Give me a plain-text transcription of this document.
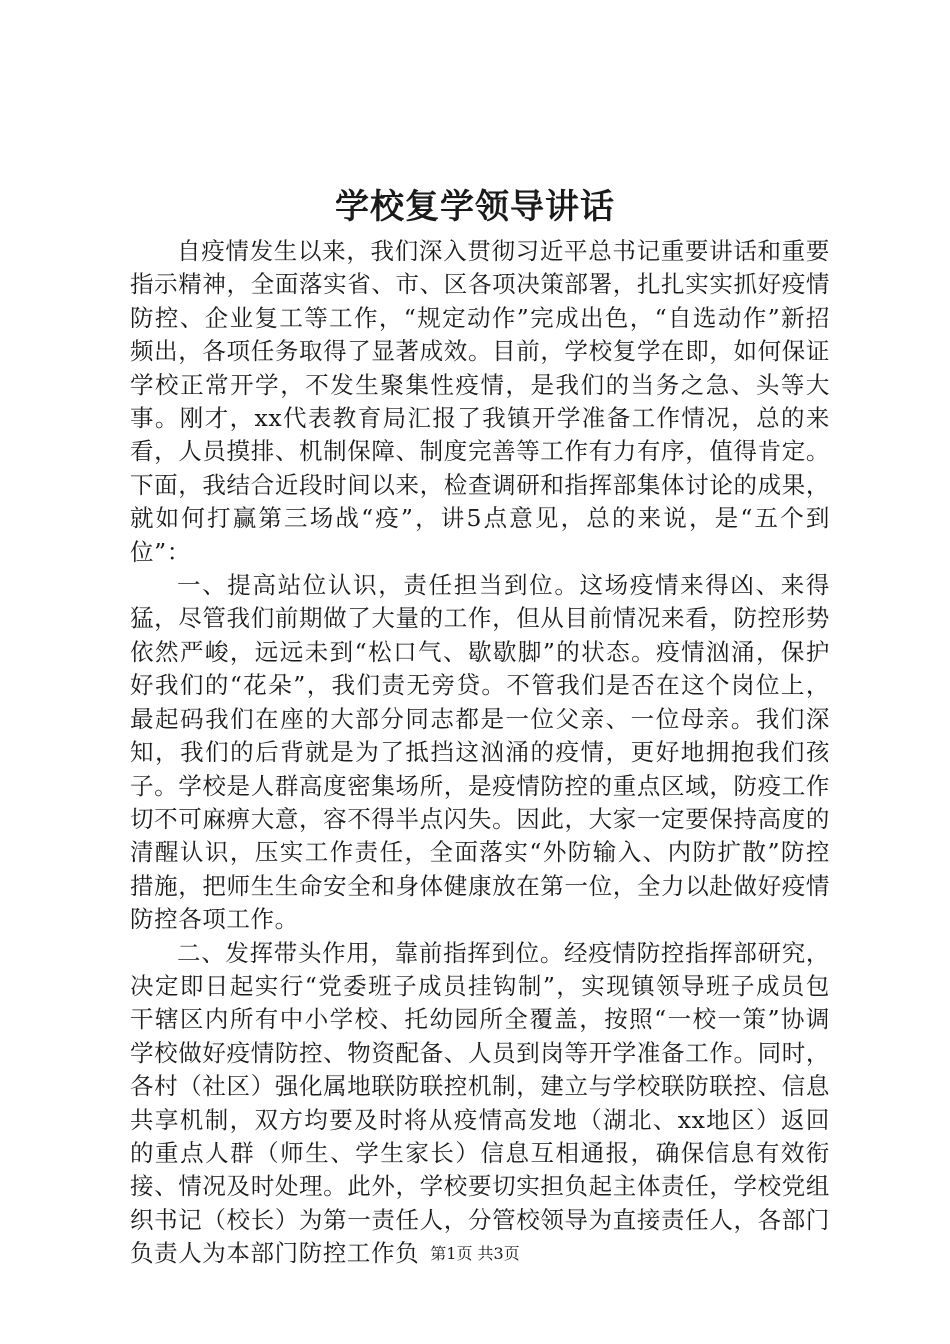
学校复学领导讲话

自疫情发生以来，我们深入贯彻习近平总书记重要讲话和重要指示精神，全面落实省、市、区各项决策部署，扎扎实实抓好疫情防控、企业复工等工作，“规定动作”完成出色，“自选动作”新招频出，各项任务取得了显著成效。目前，学校复学在即，如何保证学校正常开学，不发生聚集性疫情，是我们的当务之急、头等大事。刚才，xx代表教育局汇报了我镇开学准备工作情况，总的来看，人员摸排、机制保障、制度完善等工作有力有序，值得肯定。下面，我结合近段时间以来，检查调研和指挥部集体讨论的成果，就如何打赢第三场战“疫”，讲5点意见，总的来说，是“五个到位”：

一、提高站位认识，责任担当到位。这场疫情来得凶、来得猛，尽管我们前期做了大量的工作，但从目前情况来看，防控形势依然严峻，远远未到“松口气、歇歇脚”的状态。疫情汹涌，保护好我们的“花朵”，我们责无旁贷。不管我们是否在这个岗位上，最起码我们在座的大部分同志都是一位父亲、一位母亲。我们深知，我们的后背就是为了抵挡这汹涌的疫情，更好地拥抱我们孩子。学校是人群高度密集场所，是疫情防控的重点区域，防疫工作切不可麻痹大意，容不得半点闪失。因此，大家一定要保持高度的清醒认识，压实工作责任，全面落实“外防输入、内防扩散”防控措施，把师生生命安全和身体健康放在第一位，全力以赴做好疫情防控各项工作。

二、发挥带头作用，靠前指挥到位。经疫情防控指挥部研究，决定即日起实行“党委班子成员挂钩制”，实现镇领导班子成员包干辖区内所有中小学校、托幼园所全覆盖，按照“一校一策”协调学校做好疫情防控、物资配备、人员到岗等开学准备工作。同时，各村（社区）强化属地联防联控机制，建立与学校联防联控、信息共享机制，双方均要及时将从疫情高发地（湖北、xx地区）返回的重点人群（师生、学生家长）信息互相通报，确保信息有效衔接、情况及时处理。此外，学校要切实担负起主体责任，学校党组织书记（校长）为第一责任人，分管校领导为直接责任人，各部门负责人为本部门防控工作负 第1页 共3页
